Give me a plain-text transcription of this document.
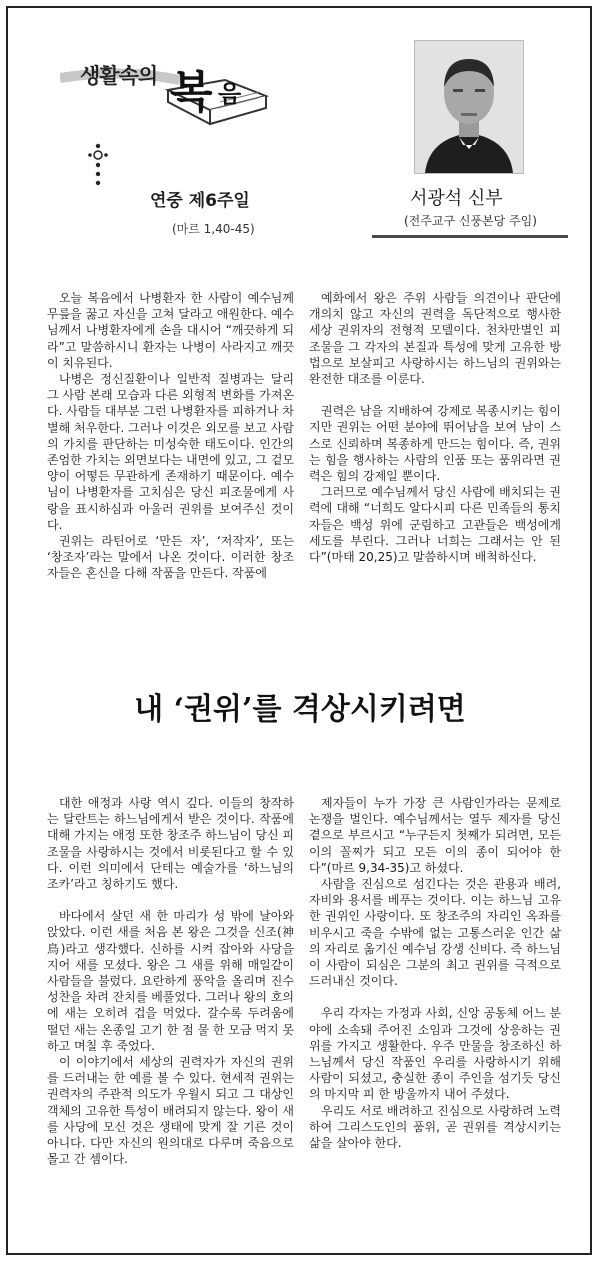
생활속의 복 음
연중 제6주일
(마르 1,40-45)
서광석 신부
(전주교구 신풍본당 주임)

오늘 복음에서 나병환자 한 사람이 예수님께 무릎을 꿇고 자신을 고쳐 달라고 애원한다. 예수님께서 나병환자에게 손을 대시어 “깨끗하게 되라”고 말씀하시니 환자는 나병이 사라지고 깨끗이 치유된다.

나병은 정신질환이나 일반적 질병과는 달리 그 사람 본래 모습과 다른 외형적 변화를 가져온다. 사람들 대부분 그런 나병환자를 피하거나 차별해 처우한다. 그러나 이것은 외모를 보고 사람의 가치를 판단하는 미성숙한 태도이다. 인간의 존엄한 가치는 외면보다는 내면에 있고, 그 겉모양이 어떻든 무관하게 존재하기 때문이다. 예수님이 나병환자를 고치심은 당신 피조물에게 사랑을 표시하심과 아울러 권위를 보여주신 것이다.

권위는 라틴어로 ‘만든 자’, ‘저작자’, 또는 ‘창조자’라는 말에서 나온 것이다. 이러한 창조자들은 혼신을 다해 작품을 만든다. 작품에

예화에서 왕은 주위 사람들 의견이나 판단에 개의치 않고 자신의 권력을 독단적으로 행사한 세상 권위자의 전형적 모델이다. 천차만별인 피조물을 그 각자의 본질과 특성에 맞게 고유한 방법으로 보살피고 사랑하시는 하느님의 권위와는 완전한 대조를 이룬다.

권력은 남을 지배하여 강제로 복종시키는 힘이지만 권위는 어떤 분야에 뛰어남을 보여 남이 스스로 신뢰하며 복종하게 만드는 힘이다. 즉, 권위는 힘을 행사하는 사람의 인품 또는 품위라면 권력은 힘의 강제일 뿐이다.

그러므로 예수님께서 당신 사람에 배치되는 권력에 대해 “너희도 알다시피 다른 민족들의 통치자들은 백성 위에 군림하고 고관들은 백성에게 세도를 부린다. 그러나 너희는 그래서는 안 된다”(마태 20,25)고 말씀하시며 배척하신다.

내 ‘권위’를 격상시키려면

대한 애정과 사랑 역시 깊다. 이들의 창작하는 달란트는 하느님에게서 받은 것이다. 작품에 대해 가지는 애정 또한 창조주 하느님이 당신 피조물을 사랑하시는 것에서 비롯된다고 할 수 있다. 이런 의미에서 단테는 예술가를 ‘하느님의 조카’라고 칭하기도 했다.

바다에서 살던 새 한 마리가 성 밖에 날아와 앉았다. 이런 새를 처음 본 왕은 그것을 신조(神鳥)라고 생각했다. 신하를 시켜 잡아와 사당을 지어 새를 모셨다. 왕은 그 새를 위해 매일같이 사람들을 불렀다. 요란하게 풍악을 올리며 진수성찬을 차려 잔치를 베풀었다. 그러나 왕의 호의에 새는 오히려 겁을 먹었다. 갈수록 두려움에 떨던 새는 온종일 고기 한 점 물 한 모금 먹지 못하고 며칠 후 죽었다.

이 이야기에서 세상의 권력자가 자신의 권위를 드러내는 한 예를 볼 수 있다. 현세적 권위는 권력자의 주관적 의도가 우월시 되고 그 대상인 객체의 고유한 특성이 배려되지 않는다. 왕이 새를 사당에 모신 것은 생태에 맞게 잘 기른 것이 아니다. 다만 자신의 원의대로 다루며 죽음으로 몰고 간 셈이다.

제자들이 누가 가장 큰 사람인가라는 문제로 논쟁을 벌인다. 예수님께서는 열두 제자를 당신 곁으로 부르시고 “누구든지 첫째가 되려면, 모든 이의 꼴찌가 되고 모든 이의 종이 되어야 한다”(마르 9,34-35)고 하셨다.

사람을 진심으로 섬긴다는 것은 관용과 배려, 자비와 용서를 베푸는 것이다. 이는 하느님 고유한 권위인 사랑이다. 또 창조주의 자리인 옥좌를 비우시고 죽을 수밖에 없는 고통스러운 인간 삶의 자리로 옮기신 예수님 강생 신비다. 즉 하느님이 사람이 되심은 그분의 최고 권위를 극적으로 드러내신 것이다.

우리 각자는 가정과 사회, 신앙 공동체 어느 분야에 소속돼 주어진 소임과 그것에 상응하는 권위를 가지고 생활한다. 우주 만물을 창조하신 하느님께서 당신 작품인 우리를 사랑하시기 위해 사람이 되셨고, 충실한 종이 주인을 섬기듯 당신의 마지막 피 한 방울까지 내어 주셨다.

우리도 서로 배려하고 진심으로 사랑하려 노력하여 그리스도인의 품위, 곧 권위를 격상시키는 삶을 살아야 한다.
